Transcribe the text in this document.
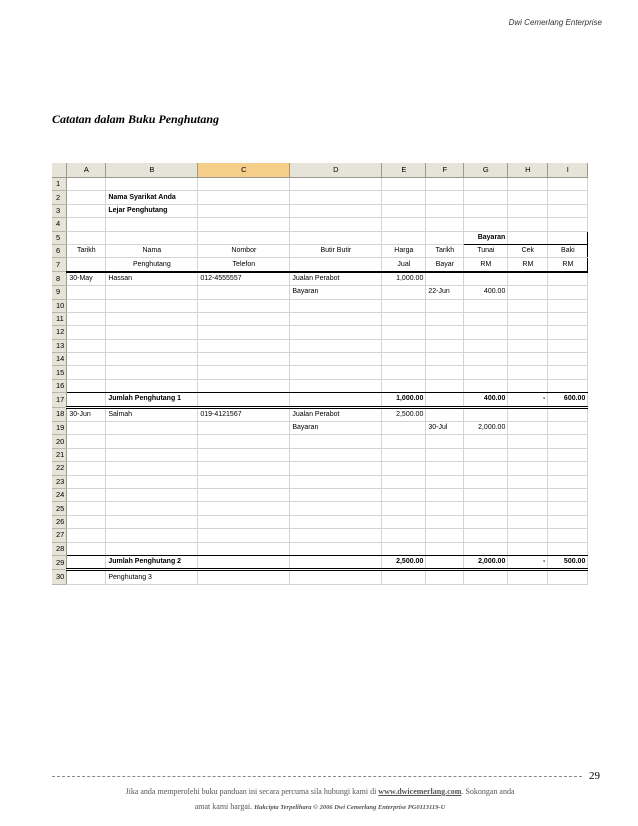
Dwi Cemerlang Enterprise
Catatan dalam Buku Penghutang
	A	B	C	D	E	F	G	H	I
1									
2		Nama Syarikat Anda							
3		Lejar Penghutang							
4									
5							Bayaran		
6	Tarikh	Nama	Nombor	Butir Butir	Harga	Tarikh	Tunai	Cek	Baki
7		Penghutang	Telefon		Jual	Bayar	RM	RM	RM
8	30-May	Hassan	012-4555557	Jualan Perabot	1,000.00				
9				Bayaran		22-Jun	400.00		
10									
11									
12									
13									
14									
15									
16									
17		Jumlah Penghutang 1			1,000.00		400.00	-	600.00
18	30-Jun	Salmah	019-4121567	Jualan Perabot	2,500.00				
19				Bayaran		30-Jul	2,000.00		
20									
21									
22									
23									
24									
25									
26									
27									
28									
29		Jumlah Penghutang 2			2,500.00		2,000.00	-	500.00
30		Penghutang 3							
29
Jika anda memperolehi buku panduan ini secara percuma sila hubungi kami di www.dwicemerlang.com. Sokongan anda
amat kami hargai. Hakcipta Terpelihara © 2006 Dwi Cemerlang Enterprise PG0113119-U
